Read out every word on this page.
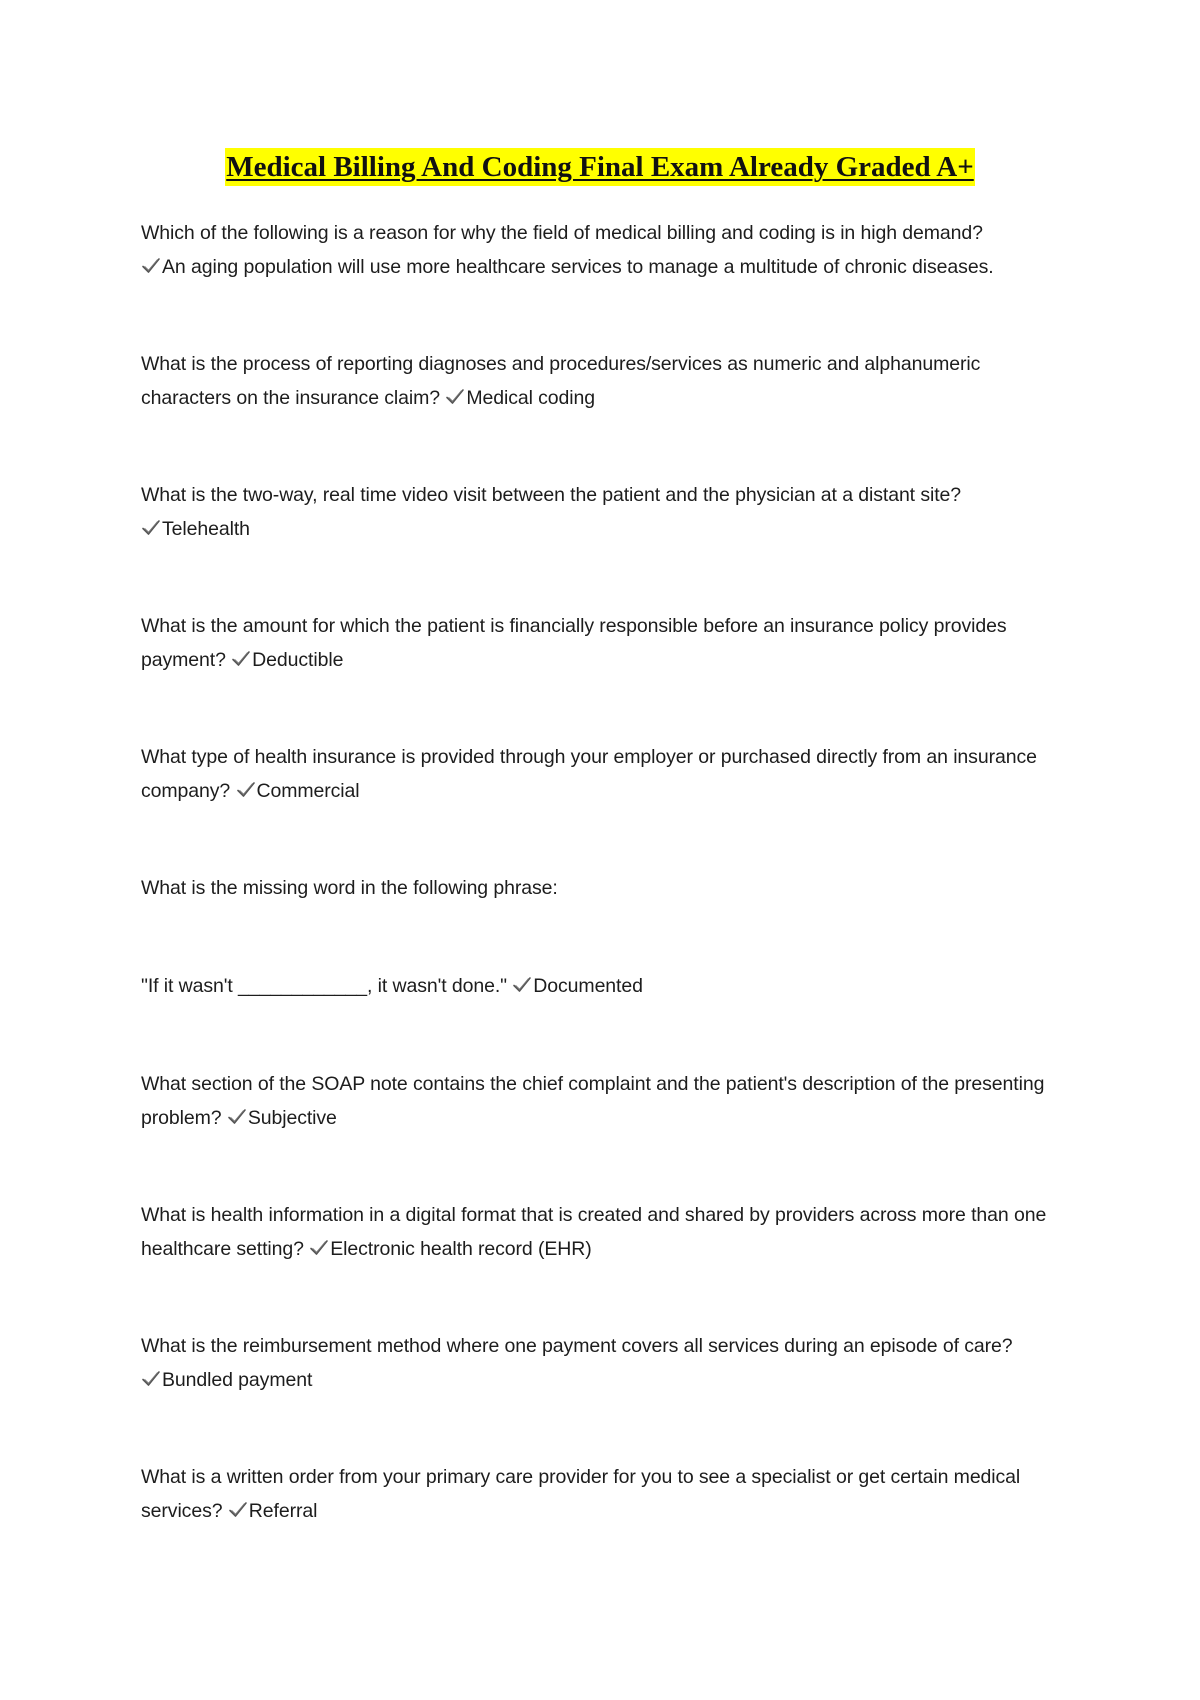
Medical Billing And Coding Final Exam Already Graded A+
Which of the following is a reason for why the field of medical billing and coding is in high demand?

An aging population will use more healthcare services to manage a multitude of chronic diseases.
What is the process of reporting diagnoses and procedures/services as numeric and alphanumeric characters on the insurance claim? Medical coding
What is the two-way, real time video visit between the patient and the physician at a distant site?

Telehealth
What is the amount for which the patient is financially responsible before an insurance policy provides payment? Deductible
What type of health insurance is provided through your employer or purchased directly from an insurance company? Commercial
What is the missing word in the following phrase:
"If it wasn't ____________, it wasn't done." Documented
What section of the SOAP note contains the chief complaint and the patient's description of the presenting problem? Subjective
What is health information in a digital format that is created and shared by providers across more than one healthcare setting? Electronic health record (EHR)
What is the reimbursement method where one payment covers all services during an episode of care?

Bundled payment
What is a written order from your primary care provider for you to see a specialist or get certain medical services? Referral
